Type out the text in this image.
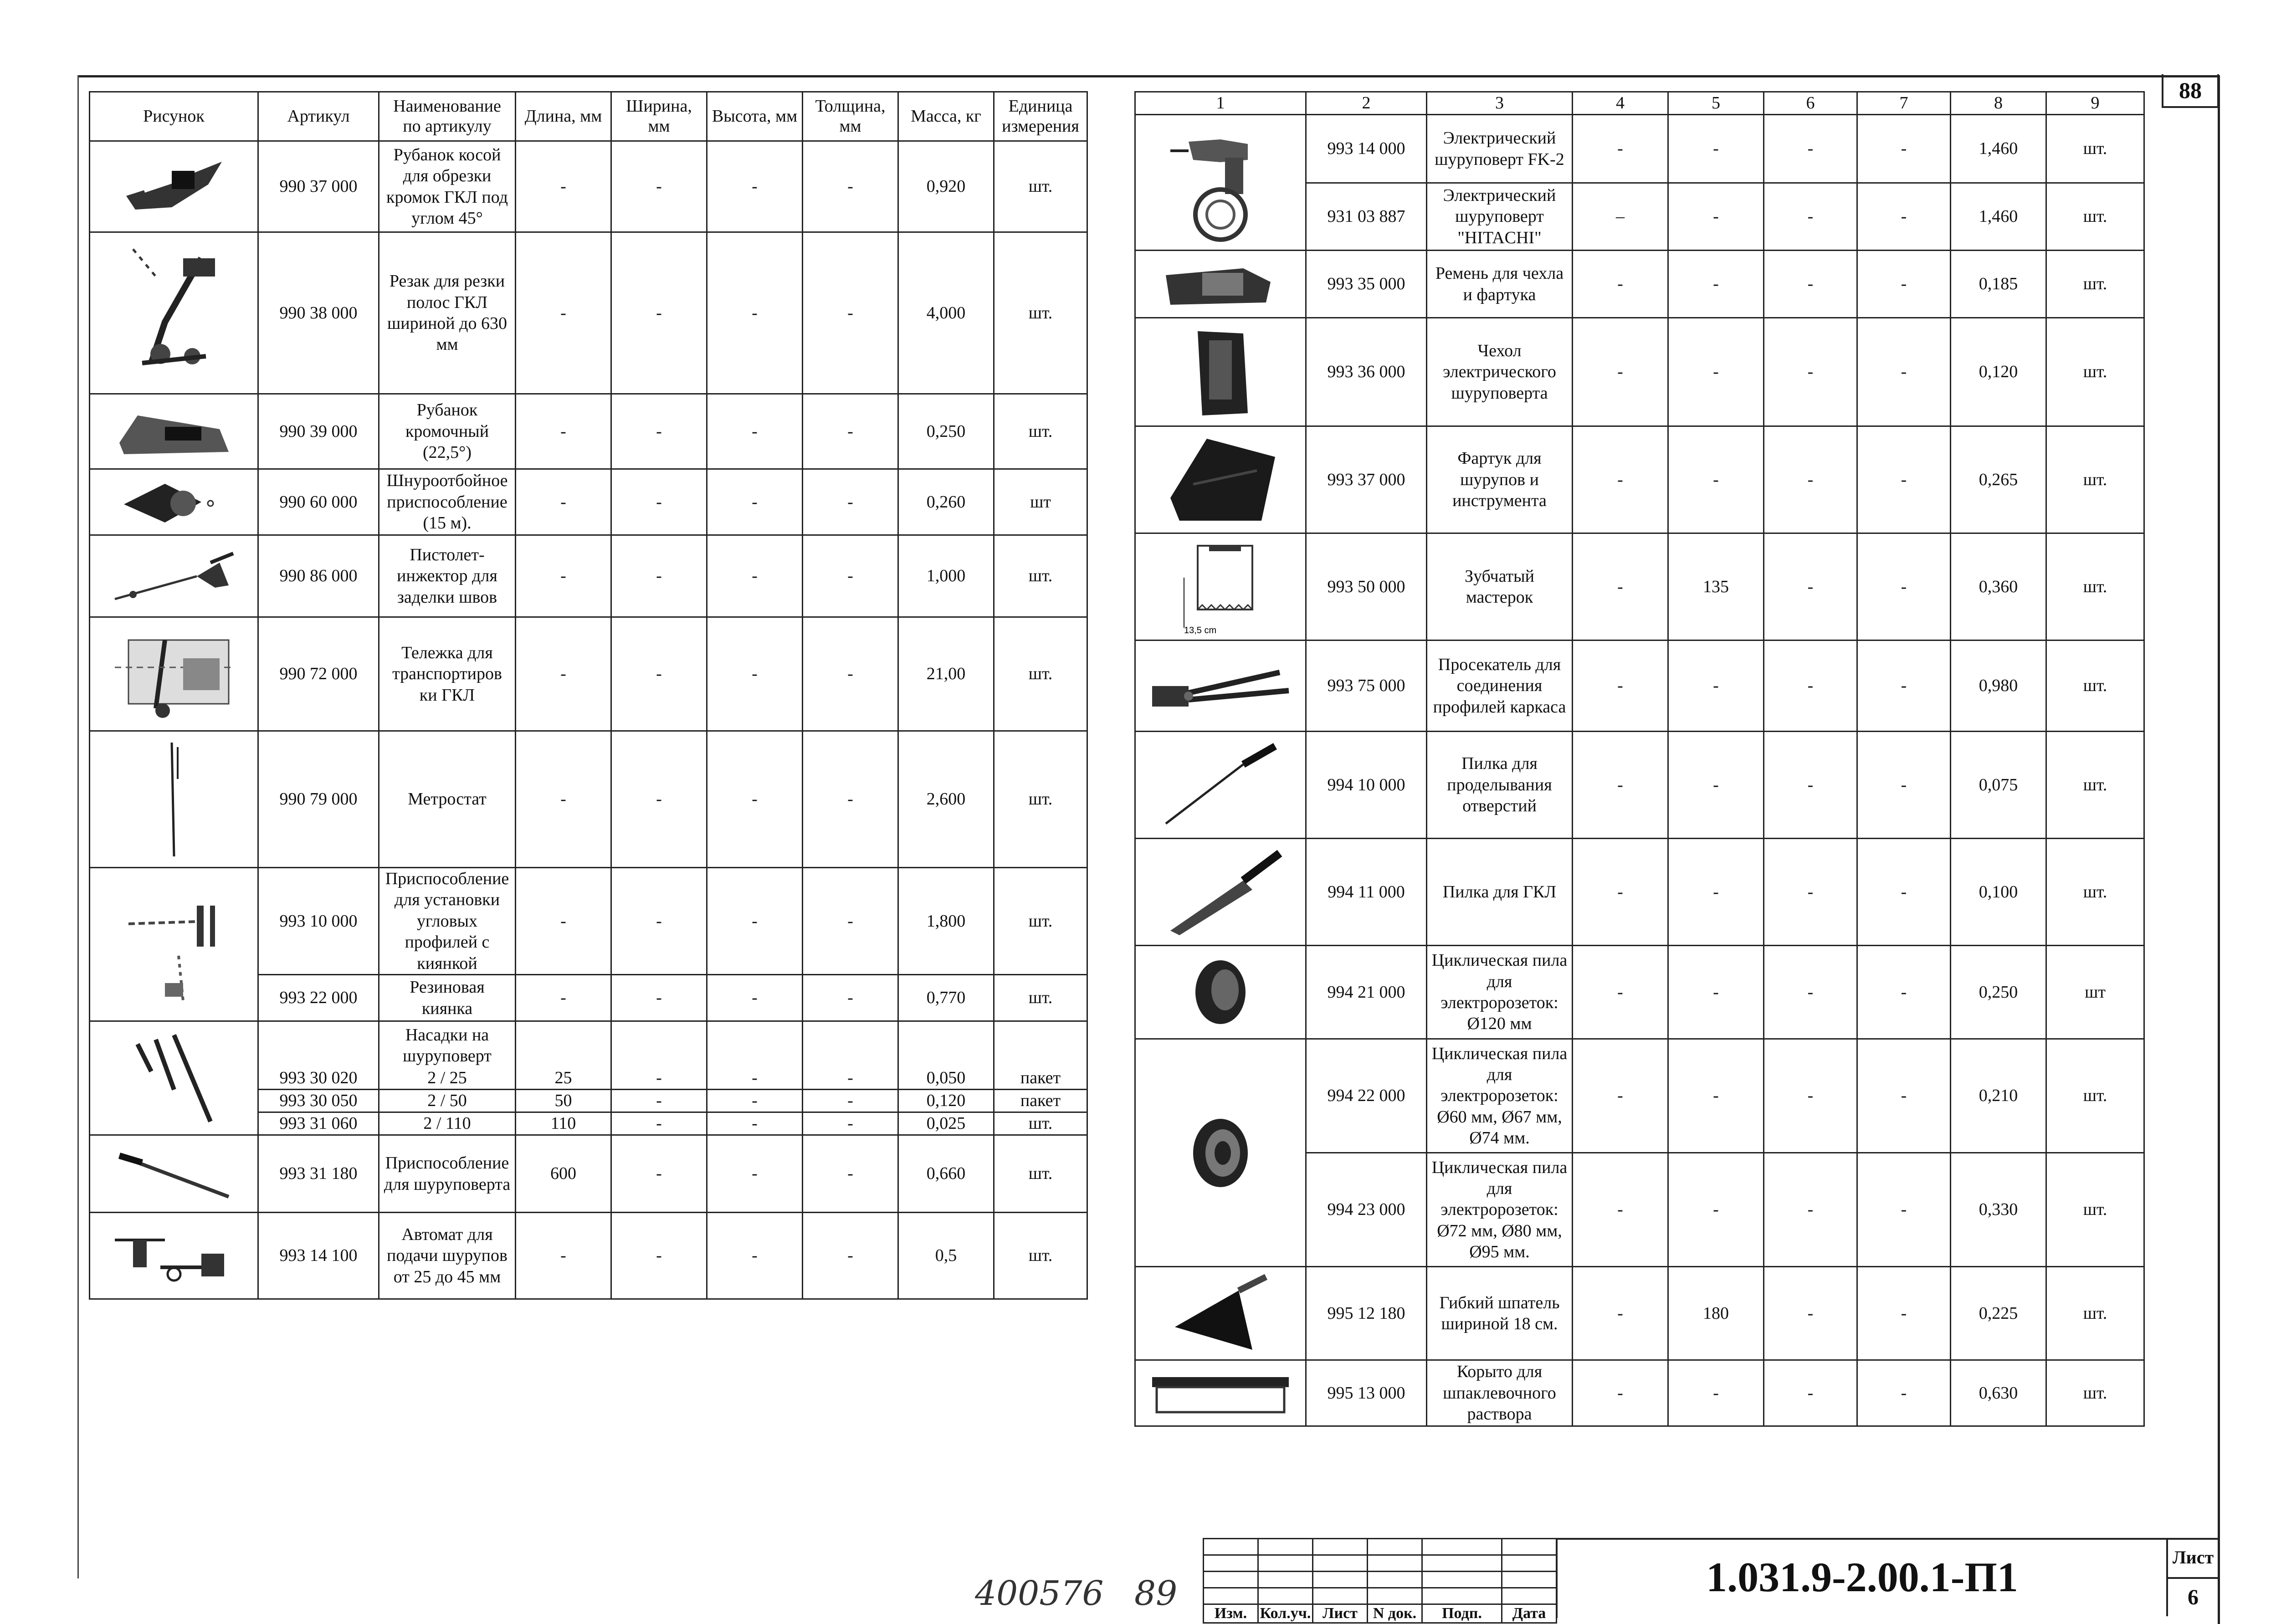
88
Рисунок	Артикул	Наименование по артикулу	Длина, мм	Ширина, мм	Высота, мм	Толщина, мм	Масса, кг	Единица измерения

	990 37 000	Рубанок косой для обрезки кромок ГКЛ под углом 45°	-	-	-	-	0,920	шт.

	990 38 000	Резак для резки полос ГКЛ шириной до 630 мм	-	-	-	-	4,000	шт.

	990 39 000	Рубанок кромочный (22,5°)	-	-	-	-	0,250	шт.

	990 60 000	Шнуроотбойное приспособление (15 м).	-	-	-	-	0,260	шт

	990 86 000	Пистолет-инжектор для заделки швов	-	-	-	-	1,000	шт.

	990 72 000	Тележка для транспортиров ки ГКЛ	-	-	-	-	21,00	шт.

	990 79 000	Метростат	-	-	-	-	2,600	шт.

	993 10 000	Приспособление для установки угловых профилей с киянкой	-	-	-	-	1,800	шт.
	993 22 000	Резиновая киянка	-	-	-	-	0,770	шт.

		Насадки на шуруповерт						
	993 30 020	2 / 25	25	-	-	-	0,050	пакет
	993 30 050	2 / 50	50	-	-	-	0,120	пакет
	993 31 060	2 / 110	110	-	-	-	0,025	шт.

	993 31 180	Приспособление для шуруповерта	600	-	-	-	0,660	шт.

	993 14 100	Автомат для подачи шурупов от 25 до 45 мм	-	-	-	-	0,5	шт.
1	2	3	4	5	6	7	8	9

	993 14 000	Электрический шуруповерт FK-2	-	-	-	-	1,460	шт.
	931 03 887	Электрический шуруповерт "HITACHI"	–	-	-	-	1,460	шт.

	993 35 000	Ремень для чехла и фартука	-	-	-	-	0,185	шт.

	993 36 000	Чехол электрического шуруповерта	-	-	-	-	0,120	шт.

	993 37 000	Фартук для шурупов и инструмента	-	-	-	-	0,265	шт.

13,5 cm	993 50 000	Зубчатый мастерок	-	135	-	-	0,360	шт.

	993 75 000	Просекатель для соединения профилей каркаса	-	-	-	-	0,980	шт.

	994 10 000	Пилка для проделывания отверстий	-	-	-	-	0,075	шт.

	994 11 000	Пилка для ГКЛ	-	-	-	-	0,100	шт.

	994 21 000	Циклическая пила для электророзеток: Ø120 мм	-	-	-	-	0,250	шт

	994 22 000	Циклическая пила для электророзеток: Ø60 мм, Ø67 мм, Ø74 мм.	-	-	-	-	0,210	шт.
	994 23 000	Циклическая пила для электророзеток: Ø72 мм, Ø80 мм, Ø95 мм.	-	-	-	-	0,330	шт.

	995 12 180	Гибкий шпатель шириной 18 см.	-	180	-	-	0,225	шт.

	995 13 000	Корыто для шпаклевочного раствора	-	-	-	-	0,630	шт.

Изм.	Кол.уч.	Лист	N док.	Подп.	Дата
1.031.9-2.00.1-П1	Лист
6
400576 89
